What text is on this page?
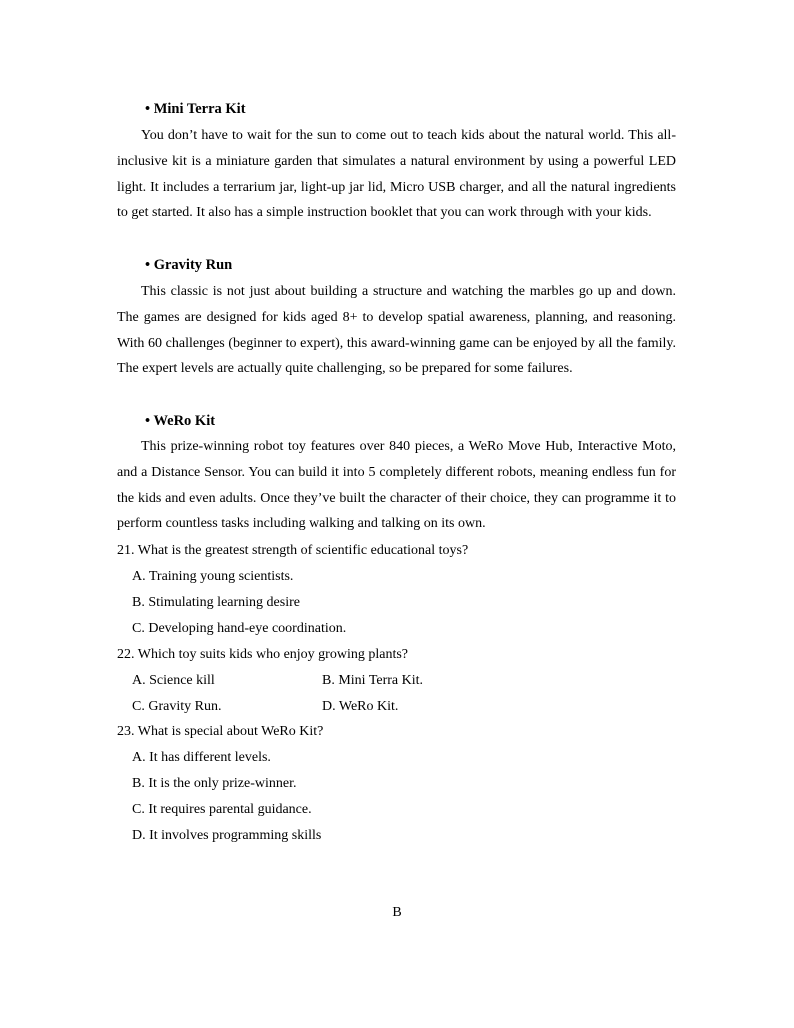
• Mini Terra Kit
You don’t have to wait for the sun to come out to teach kids about the natural world. This all-inclusive kit is a miniature garden that simulates a natural environment by using a powerful LED light. It includes a terrarium jar, light-up jar lid, Micro USB charger, and all the natural ingredients to get started. It also has a simple instruction booklet that you can work through with your kids.
• Gravity Run
This classic is not just about building a structure and watching the marbles go up and down. The games are designed for kids aged 8+ to develop spatial awareness, planning, and reasoning. With 60 challenges (beginner to expert), this award-winning game can be enjoyed by all the family. The expert levels are actually quite challenging, so be prepared for some failures.
• WeRo Kit
This prize-winning robot toy features over 840 pieces, a WeRo Move Hub, Interactive Moto, and a Distance Sensor. You can build it into 5 completely different robots, meaning endless fun for the kids and even adults. Once they’ve built the character of their choice, they can programme it to perform countless tasks including walking and talking on its own.
21. What is the greatest strength of scientific educational toys?
A. Training young scientists.
B. Stimulating learning desire
C. Developing hand-eye coordination.
22. Which toy suits kids who enjoy growing plants?
A. Science kill	B. Mini Terra Kit.
C. Gravity Run.	D. WeRo Kit.
23. What is special about WeRo Kit?
A. It has different levels.
B. It is the only prize-winner.
C. It requires parental guidance.
D. It involves programming skills
B
